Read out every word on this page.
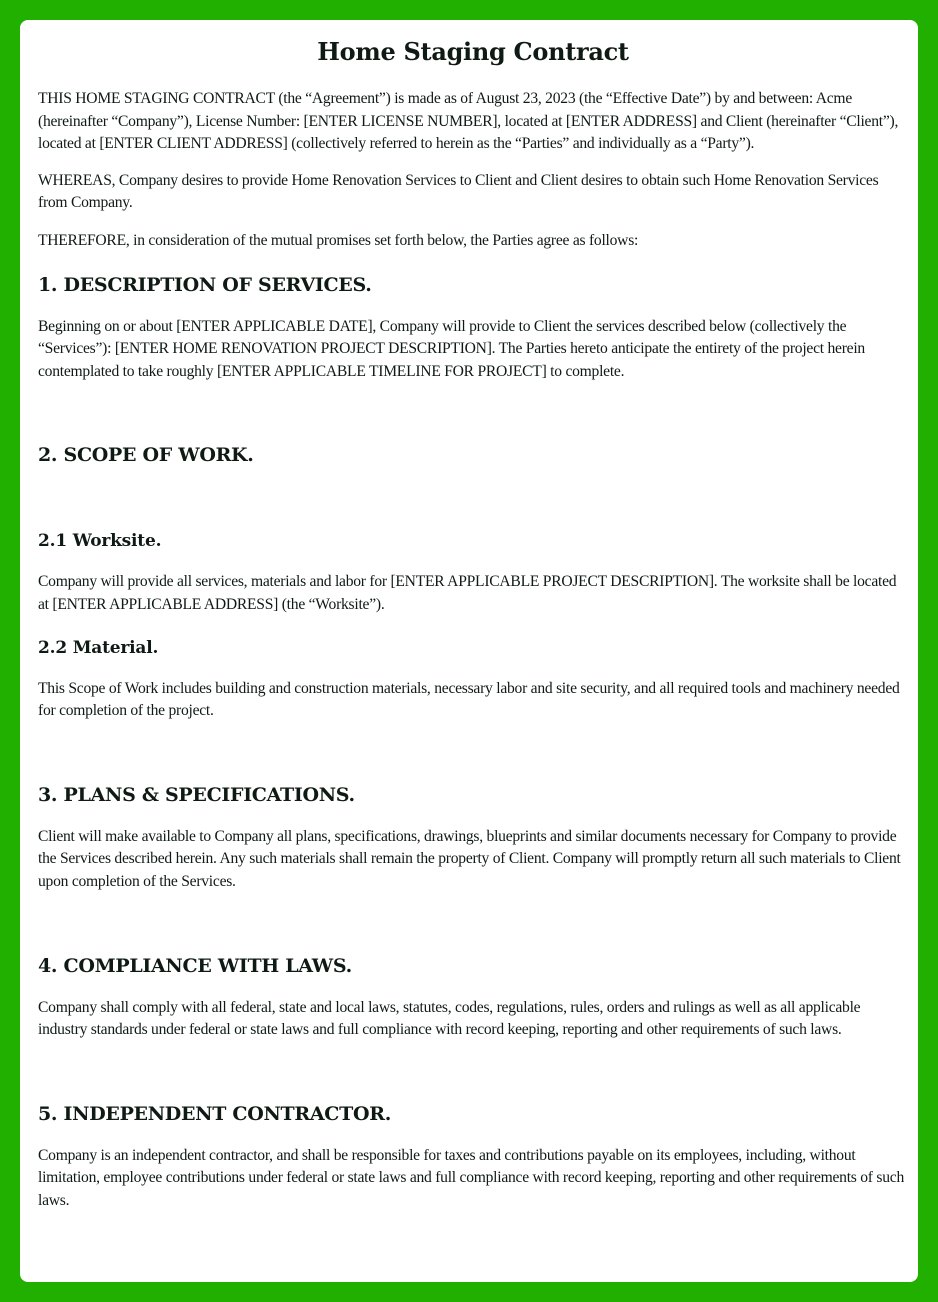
Home Staging Contract

THIS HOME STAGING CONTRACT (the “Agreement”) is made as of August 23, 2023 (the “Effective Date”) by and between: Acme (hereinafter “Company”), License Number: [ENTER LICENSE NUMBER], located at [ENTER ADDRESS] and Client (hereinafter “Client”), located at [ENTER CLIENT ADDRESS] (collectively referred to herein as the “Parties” and individually as a “Party”).

WHEREAS, Company desires to provide Home Renovation Services to Client and Client desires to obtain such Home Renovation Services from Company.

THEREFORE, in consideration of the mutual promises set forth below, the Parties agree as follows:

1. DESCRIPTION OF SERVICES.

Beginning on or about [ENTER APPLICABLE DATE], Company will provide to Client the services described below (collectively the “Services”): [ENTER HOME RENOVATION PROJECT DESCRIPTION]. The Parties hereto anticipate the entirety of the project herein contemplated to take roughly [ENTER APPLICABLE TIMELINE FOR PROJECT] to complete.

2. SCOPE OF WORK.
2.1 Worksite.

Company will provide all services, materials and labor for [ENTER APPLICABLE PROJECT DESCRIPTION]. The worksite shall be located at [ENTER APPLICABLE ADDRESS] (the “Worksite”).

2.2 Material.

This Scope of Work includes building and construction materials, necessary labor and site security, and all required tools and machinery needed for completion of the project.

3. PLANS & SPECIFICATIONS.

Client will make available to Company all plans, specifications, drawings, blueprints and similar documents necessary for Company to provide the Services described herein. Any such materials shall remain the property of Client. Company will promptly return all such materials to Client upon completion of the Services.

4. COMPLIANCE WITH LAWS.

Company shall comply with all federal, state and local laws, statutes, codes, regulations, rules, orders and rulings as well as all applicable industry standards under federal or state laws and full compliance with record keeping, reporting and other requirements of such laws.

5. INDEPENDENT CONTRACTOR.

Company is an independent contractor, and shall be responsible for taxes and contributions payable on its employees, including, without limitation, employee contributions under federal or state laws and full compliance with record keeping, reporting and other requirements of such laws.
